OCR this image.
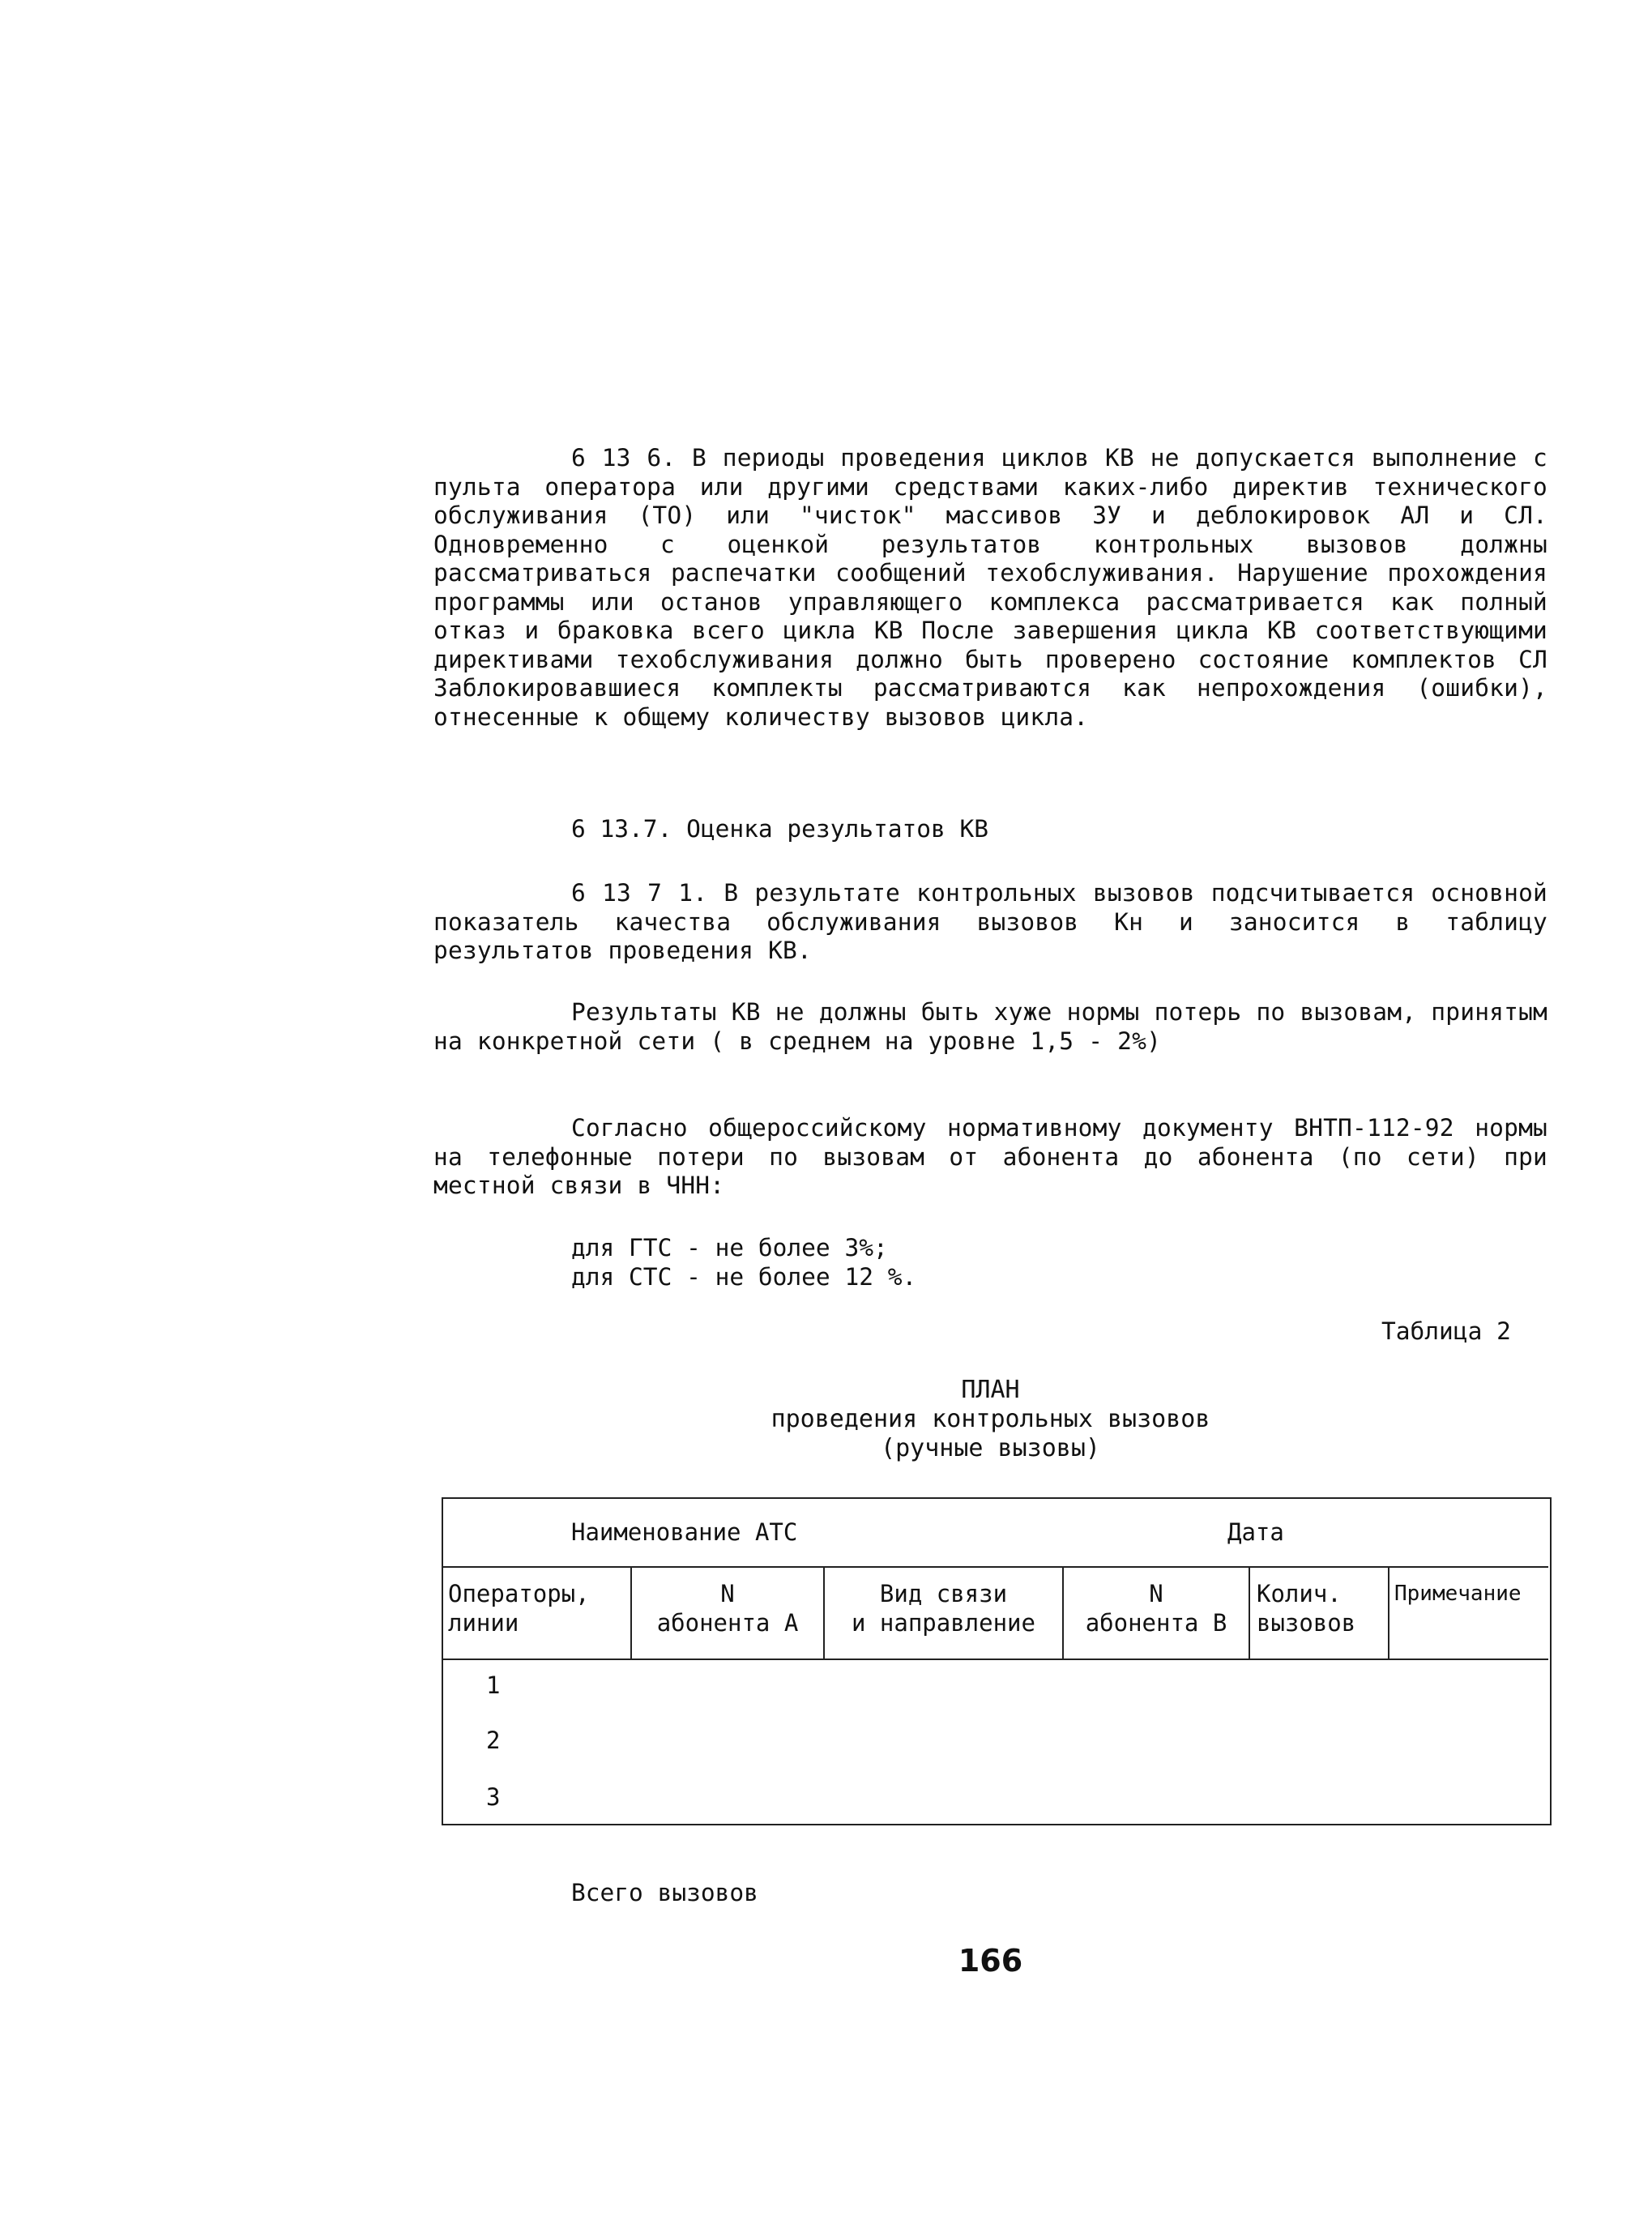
6 13 6. В периоды проведения циклов КВ не допускается выполнение с пульта оператора или другими средствами каких-либо директив технического обслуживания (ТО) или "чисток" массивов ЗУ и деблокировок АЛ и СЛ. Одновременно с оценкой результатов контрольных вызовов должны рассматриваться распечатки сообщений техобслуживания. Нарушение прохождения программы или останов управляющего комплекса рассматривается как полный отказ и браковка всего цикла КВ После завершения цикла КВ соответствующими директивами техобслуживания должно быть проверено состояние комплектов СЛ Заблокировавшиеся комплекты рассматриваются как непрохождения (ошибки), отнесенные к общему количеству вызовов цикла.
6 13.7. Оценка результатов КВ
6 13 7 1. В результате контрольных вызовов подсчитывается основной показатель качества обслуживания вызовов Кн и заносится в таблицу результатов проведения КВ.
Результаты КВ не должны быть хуже нормы потерь по вызовам, принятым на конкретной сети ( в среднем на уровне 1,5 - 2%)
Согласно общероссийскому нормативному документу ВНТП-112-92 нормы на телефонные потери по вызовам от абонента до абонента (по сети) при местной связи в ЧНН:
для ГТС - не более 3%;
для СТС - не более 12 %.
Таблица 2
ПЛАН
проведения контрольных вызовов
(ручные вызовы)
Наименование АТС	Дата
Операторы,
линии
N
абонента А
Вид связи
и направление
N
абонента В
Колич.
вызовов
Примечание
1
2
3
Всего вызовов
166
